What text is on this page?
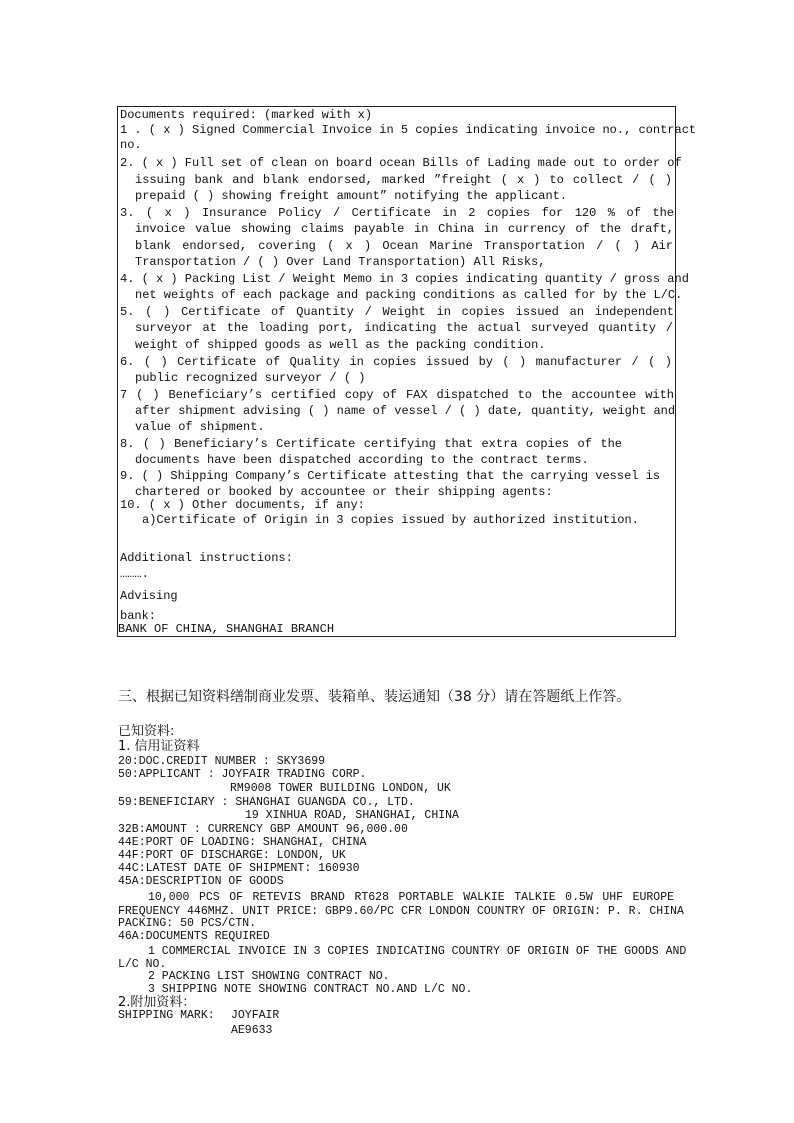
Documents required: (marked with x)
1 . ( x ) Signed Commercial Invoice in 5 copies indicating invoice no., contract
no.
2. ( x ) Full set of clean on board ocean Bills of Lading made out to order of
issuing bank and blank endorsed, marked ”freight ( x ) to collect / ( )
prepaid ( ) showing freight amount” notifying the applicant.
3. ( x ) Insurance Policy / Certificate in 2 copies for 120 % of the
invoice value showing claims payable in China in currency of the draft,
blank endorsed, covering ( x ) Ocean Marine Transportation / ( ) Air
Transportation / ( ) Over Land Transportation) All Risks,
4. ( x ) Packing List / Weight Memo in 3 copies indicating quantity / gross and
net weights of each package and packing conditions as called for by the L/C.
5. ( ) Certificate of Quantity / Weight in copies issued an independent
surveyor at the loading port, indicating the actual surveyed quantity /
weight of shipped goods as well as the packing condition.
6. ( ) Certificate of Quality in copies issued by ( ) manufacturer / ( )
public recognized surveyor / ( )
7 ( ) Beneficiary’s certified copy of FAX dispatched to the accountee with
after shipment advising ( ) name of vessel / ( ) date, quantity, weight and
value of shipment.
8. ( ) Beneficiary’s Certificate certifying that extra copies of the
documents have been dispatched according to the contract terms.
9. ( ) Shipping Company’s Certificate attesting that the carrying vessel is
chartered or booked by accountee or their shipping agents:
10. ( x ) Other documents, if any:
a)Certificate of Origin in 3 copies issued by authorized institution.
Additional instructions:
……….
Advising
bank:
BANK OF CHINA, SHANGHAI BRANCH
三、根据已知资料缮制商业发票、装箱单、装运通知（38 分）请在答题纸上作答。
已知资料:
1. 信用证资料
20:DOC.CREDIT NUMBER : SKY3699
50:APPLICANT : JOYFAIR TRADING CORP.
RM9008 TOWER BUILDING LONDON, UK
59:BENEFICIARY : SHANGHAI GUANGDA CO., LTD.
19 XINHUA ROAD, SHANGHAI, CHINA
32B:AMOUNT : CURRENCY GBP AMOUNT 96,000.00
44E:PORT OF LOADING: SHANGHAI, CHINA
44F:PORT OF DISCHARGE: LONDON, UK
44C:LATEST DATE OF SHIPMENT: 160930
45A:DESCRIPTION OF GOODS
10,000 PCS OF RETEVIS BRAND RT628 PORTABLE WALKIE TALKIE 0.5W UHF EUROPE
FREQUENCY 446MHZ. UNIT PRICE: GBP9.60/PC CFR LONDON COUNTRY OF ORIGIN: P. R. CHINA
PACKING: 50 PCS/CTN.
46A:DOCUMENTS REQUIRED
1 COMMERCIAL INVOICE IN 3 COPIES INDICATING COUNTRY OF ORIGIN OF THE GOODS AND
L/C NO.
2 PACKING LIST SHOWING CONTRACT NO.
3 SHIPPING NOTE SHOWING CONTRACT NO.AND L/C NO.
2.附加资料：
SHIPPING MARK: JOYFAIR
AE9633
